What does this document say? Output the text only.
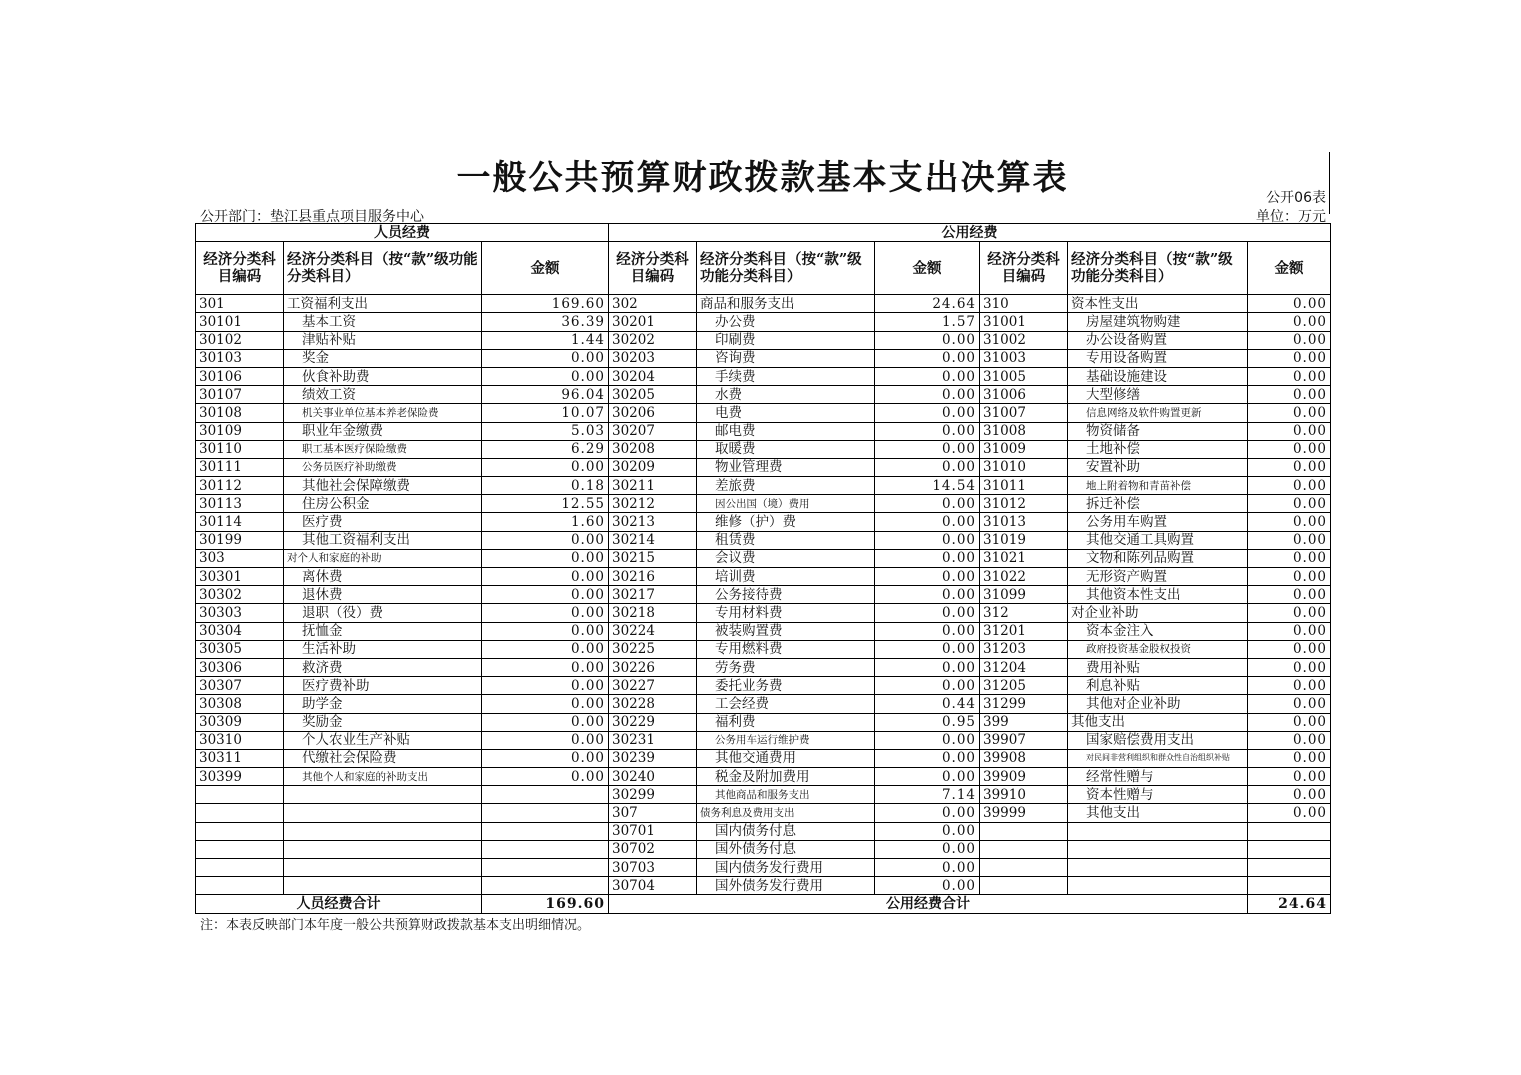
一般公共预算财政拨款基本支出决算表	公开06表
公开部门：垫江县重点项目服务中心	单位：万元
人员经费			公用经费					
经济分类科目编码	经济分类科目（按“款”级功能分类科目）	金额	经济分类科目编码	经济分类科目（按“款”级功能分类科目）	金额	经济分类科目编码	经济分类科目（按“款”级功能分类科目）	金额
301	工资福利支出	169.60	302	商品和服务支出	24.64	310	资本性支出	0.00
30101	基本工资	36.39	30201	办公费	1.57	31001	房屋建筑物购建	0.00
30102	津贴补贴	1.44	30202	印刷费	0.00	31002	办公设备购置	0.00
30103	奖金	0.00	30203	咨询费	0.00	31003	专用设备购置	0.00
30106	伙食补助费	0.00	30204	手续费	0.00	31005	基础设施建设	0.00
30107	绩效工资	96.04	30205	水费	0.00	31006	大型修缮	0.00
30108	机关事业单位基本养老保险费	10.07	30206	电费	0.00	31007	信息网络及软件购置更新	0.00
30109	职业年金缴费	5.03	30207	邮电费	0.00	31008	物资储备	0.00
30110	职工基本医疗保险缴费	6.29	30208	取暖费	0.00	31009	土地补偿	0.00
30111	公务员医疗补助缴费	0.00	30209	物业管理费	0.00	31010	安置补助	0.00
30112	其他社会保障缴费	0.18	30211	差旅费	14.54	31011	地上附着物和青苗补偿	0.00
30113	住房公积金	12.55	30212	因公出国（境）费用	0.00	31012	拆迁补偿	0.00
30114	医疗费	1.60	30213	维修（护）费	0.00	31013	公务用车购置	0.00
30199	其他工资福利支出	0.00	30214	租赁费	0.00	31019	其他交通工具购置	0.00
303	对个人和家庭的补助	0.00	30215	会议费	0.00	31021	文物和陈列品购置	0.00
30301	离休费	0.00	30216	培训费	0.00	31022	无形资产购置	0.00
30302	退休费	0.00	30217	公务接待费	0.00	31099	其他资本性支出	0.00
30303	退职（役）费	0.00	30218	专用材料费	0.00	312	对企业补助	0.00
30304	抚恤金	0.00	30224	被装购置费	0.00	31201	资本金注入	0.00
30305	生活补助	0.00	30225	专用燃料费	0.00	31203	政府投资基金股权投资	0.00
30306	救济费	0.00	30226	劳务费	0.00	31204	费用补贴	0.00
30307	医疗费补助	0.00	30227	委托业务费	0.00	31205	利息补贴	0.00
30308	助学金	0.00	30228	工会经费	0.44	31299	其他对企业补助	0.00
30309	奖励金	0.00	30229	福利费	0.95	399	其他支出	0.00
30310	个人农业生产补贴	0.00	30231	公务用车运行维护费	0.00	39907	国家赔偿费用支出	0.00
30311	代缴社会保险费	0.00	30239	其他交通费用	0.00	39908	对民间非营利组织和群众性自治组织补贴	0.00
30399	其他个人和家庭的补助支出	0.00	30240	税金及附加费用	0.00	39909	经常性赠与	0.00
			30299	其他商品和服务支出	7.14	39910	资本性赠与	0.00
			307	债务利息及费用支出	0.00	39999	其他支出	0.00
			30701	国内债务付息	0.00			
			30702	国外债务付息	0.00			
			30703	国内债务发行费用	0.00			
			30704	国外债务发行费用	0.00			
人员经费合计		169.60	公用经费合计					24.64
注：本表反映部门本年度一般公共预算财政拨款基本支出明细情况。
